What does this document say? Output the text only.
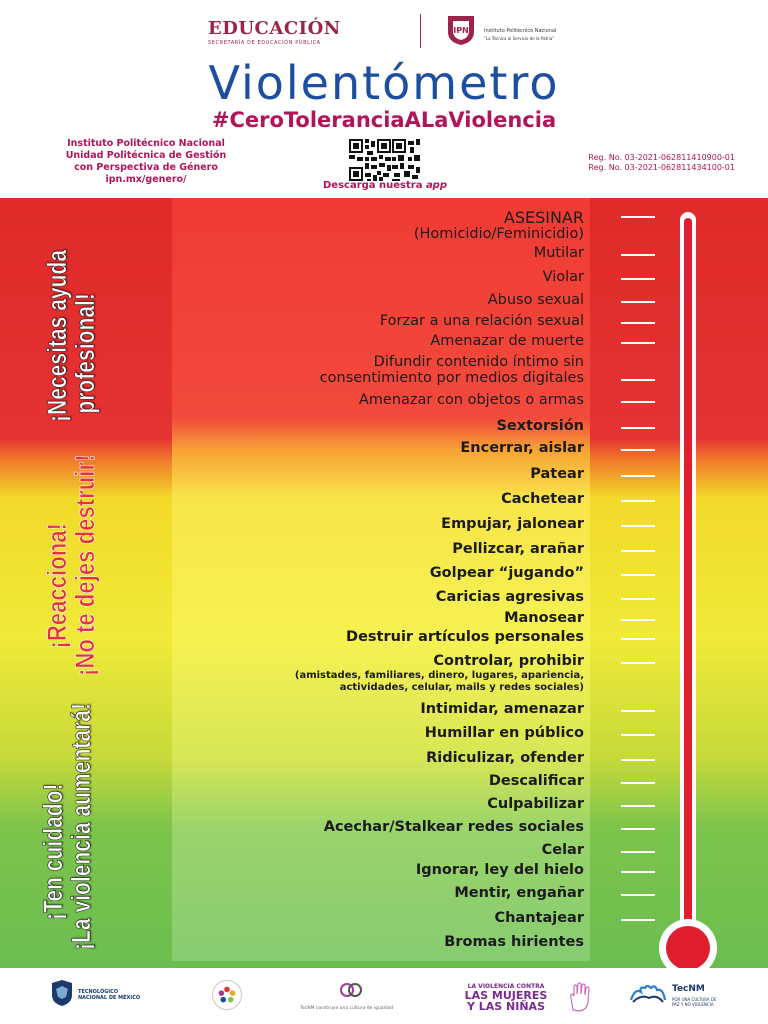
EDUCACIÓN
SECRETARÍA DE EDUCACIÓN PÚBLICA
IPN	Instituto Politécnico Nacional
"La Técnica al Servicio de la Patria"
Violentómetro
#CeroToleranciaALaViolencia
Instituto Politécnico Nacional
Unidad Politécnica de Gestión
con Perspectiva de Género
ipn.mx/genero/
Descarga nuestra app
Reg. No. 03-2021-062811410900-01
Reg. No. 03-2021-062811434100-01
ASESINAR
(Homicidio/Feminicidio)
Mutilar
Violar
Abuso sexual
Forzar a una relación sexual
Amenazar de muerte
Difundir contenido íntimo sin
consentimiento por medios digitales
Amenazar con objetos o armas
Sextorsión
Encerrar, aislar
Patear
Cachetear
Empujar, jalonear
Pellizcar, arañar
Golpear “jugando”
Caricias agresivas
Manosear
Destruir artículos personales
Controlar, prohibir
(amistades, familiares, dinero, lugares, apariencia,
actividades, celular, mails y redes sociales)
Intimidar, amenazar
Humillar en público
Ridiculizar, ofender
Descalificar
Culpabilizar
Acechar/Stalkear redes sociales
Celar
Ignorar, ley del hielo
Mentir, engañar
Chantajear
Bromas hirientes
¡Necesitas ayuda
profesional!
¡Reacciona!
¡No te dejes destruir!
¡Ten cuidado!
¡La violencia aumentará!
TECNOLÓGICO
NACIONAL DE MÉXICO
TecNM construye una cultura de igualdad
LA VIOLENCIA CONTRA
LAS MUJERES
Y LAS NIÑAS
TecNM
POR UNA CULTURA DE
PAZ Y NO VIOLENCIA
